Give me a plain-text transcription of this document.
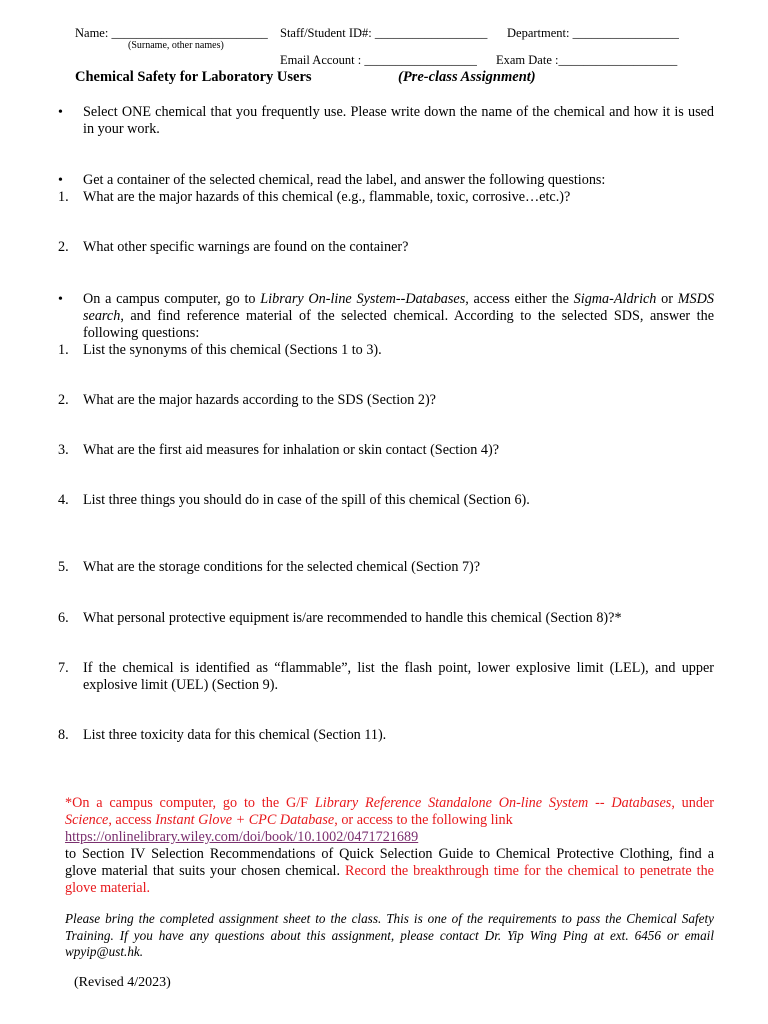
Name: _________________________
(Surname, other names)
Staff/Student ID#: __________________ Department: _________________
Email Account : __________________ Exam Date :___________________
Chemical Safety for Laboratory Users	(Pre-class Assignment)
• Select ONE chemical that you frequently use. Please write down the name of the chemical and how it is used in your work.
• Get a container of the selected chemical, read the label, and answer the following questions:
1. What are the major hazards of this chemical (e.g., flammable, toxic, corrosive…etc.)?
2. What other specific warnings are found on the container?
• On a campus computer, go to Library On-line System--Databases, access either the Sigma-Aldrich or MSDS search, and find reference material of the selected chemical. According to the selected SDS, answer the following questions:
1. List the synonyms of this chemical (Sections 1 to 3).
2. What are the major hazards according to the SDS (Section 2)?
3. What are the first aid measures for inhalation or skin contact (Section 4)?
4. List three things you should do in case of the spill of this chemical (Section 6).
5. What are the storage conditions for the selected chemical (Section 7)?
6. What personal protective equipment is/are recommended to handle this chemical (Section 8)?*
7. If the chemical is identified as “flammable”, list the flash point, lower explosive limit (LEL), and upper explosive limit (UEL) (Section 9).
8. List three toxicity data for this chemical (Section 11).
*On a campus computer, go to the G/F Library Reference Standalone On-line System -- Databases, under Science, access Instant Glove + CPC Database, or access to the following link
https://onlinelibrary.wiley.com/doi/book/10.1002/0471721689
to Section IV Selection Recommendations of Quick Selection Guide to Chemical Protective Clothing, find a glove material that suits your chosen chemical. Record the breakthrough time for the chemical to penetrate the glove material.
Please bring the completed assignment sheet to the class. This is one of the requirements to pass the Chemical Safety Training. If you have any questions about this assignment, please contact Dr. Yip Wing Ping at ext. 6456 or email wpyip@ust.hk.
(Revised 4/2023)
